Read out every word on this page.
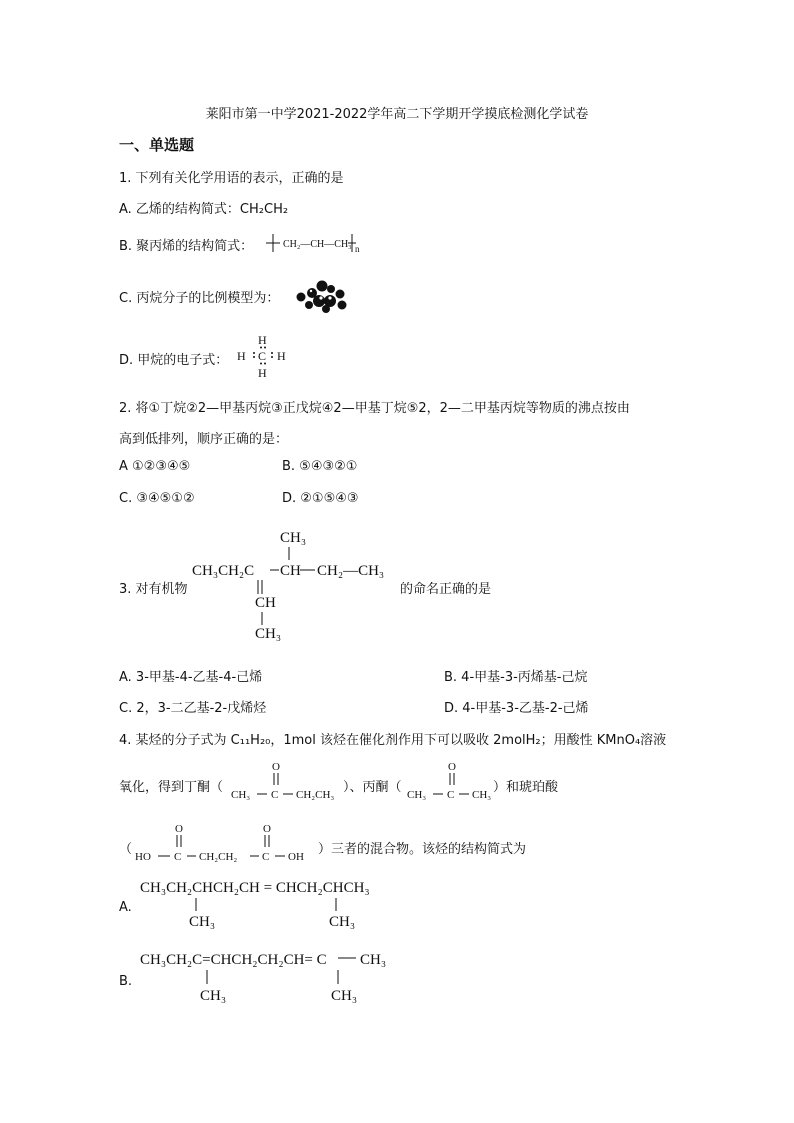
莱阳市第一中学2021-2022学年高二下学期开学摸底检测化学试卷
一、单选题
1. 下列有关化学用语的表示，正确的是
A. 乙烯的结构简式：CH₂CH₂
B. 聚丙烯的结构简式：	CH₂—CH—CH₃ n
C. 丙烷分子的比例模型为：
D. 甲烷的电子式：
H
H C H
H
2. 将①丁烷②2—甲基丙烷③正戊烷④2—甲基丁烷⑤2，2—二甲基丙烷等物质的沸点按由
高到低排列，顺序正确的是：
A ①②③④⑤	B. ⑤④③②①
C. ③④⑤①②	D. ②①⑤④③
3. 对有机物
CH₃
CH₃CH₂C CH CH₂—CH₃
CH
CH₃
的命名正确的是
A. 3-甲基-4-乙基-4-己烯	B. 4-甲基-3-丙烯基-己烷
C. 2，3-二乙基-2-戊烯烃	D. 4-甲基-3-乙基-2-己烯
4. 某烃的分子式为 C₁₁H₂₀，1mol 该烃在催化剂作用下可以吸收 2molH₂；用酸性 KMnO₄溶液
氧化，得到丁酮（
O
CH₃ C CH₂CH₃ ）、丙酮（
O
CH₃ C CH₃ ）和琥珀酸
（
O	O
HO C CH₂CH₂ C OH ）三者的混合物。该烃的结构简式为
CH₃CH₂CHCH₂CH = CHCH₂CHCH₃
CH₃	CH₃
A.
CH₃CH₂C=CHCH₂CH₂CH= C CH₃
CH₃	CH₃
B.
